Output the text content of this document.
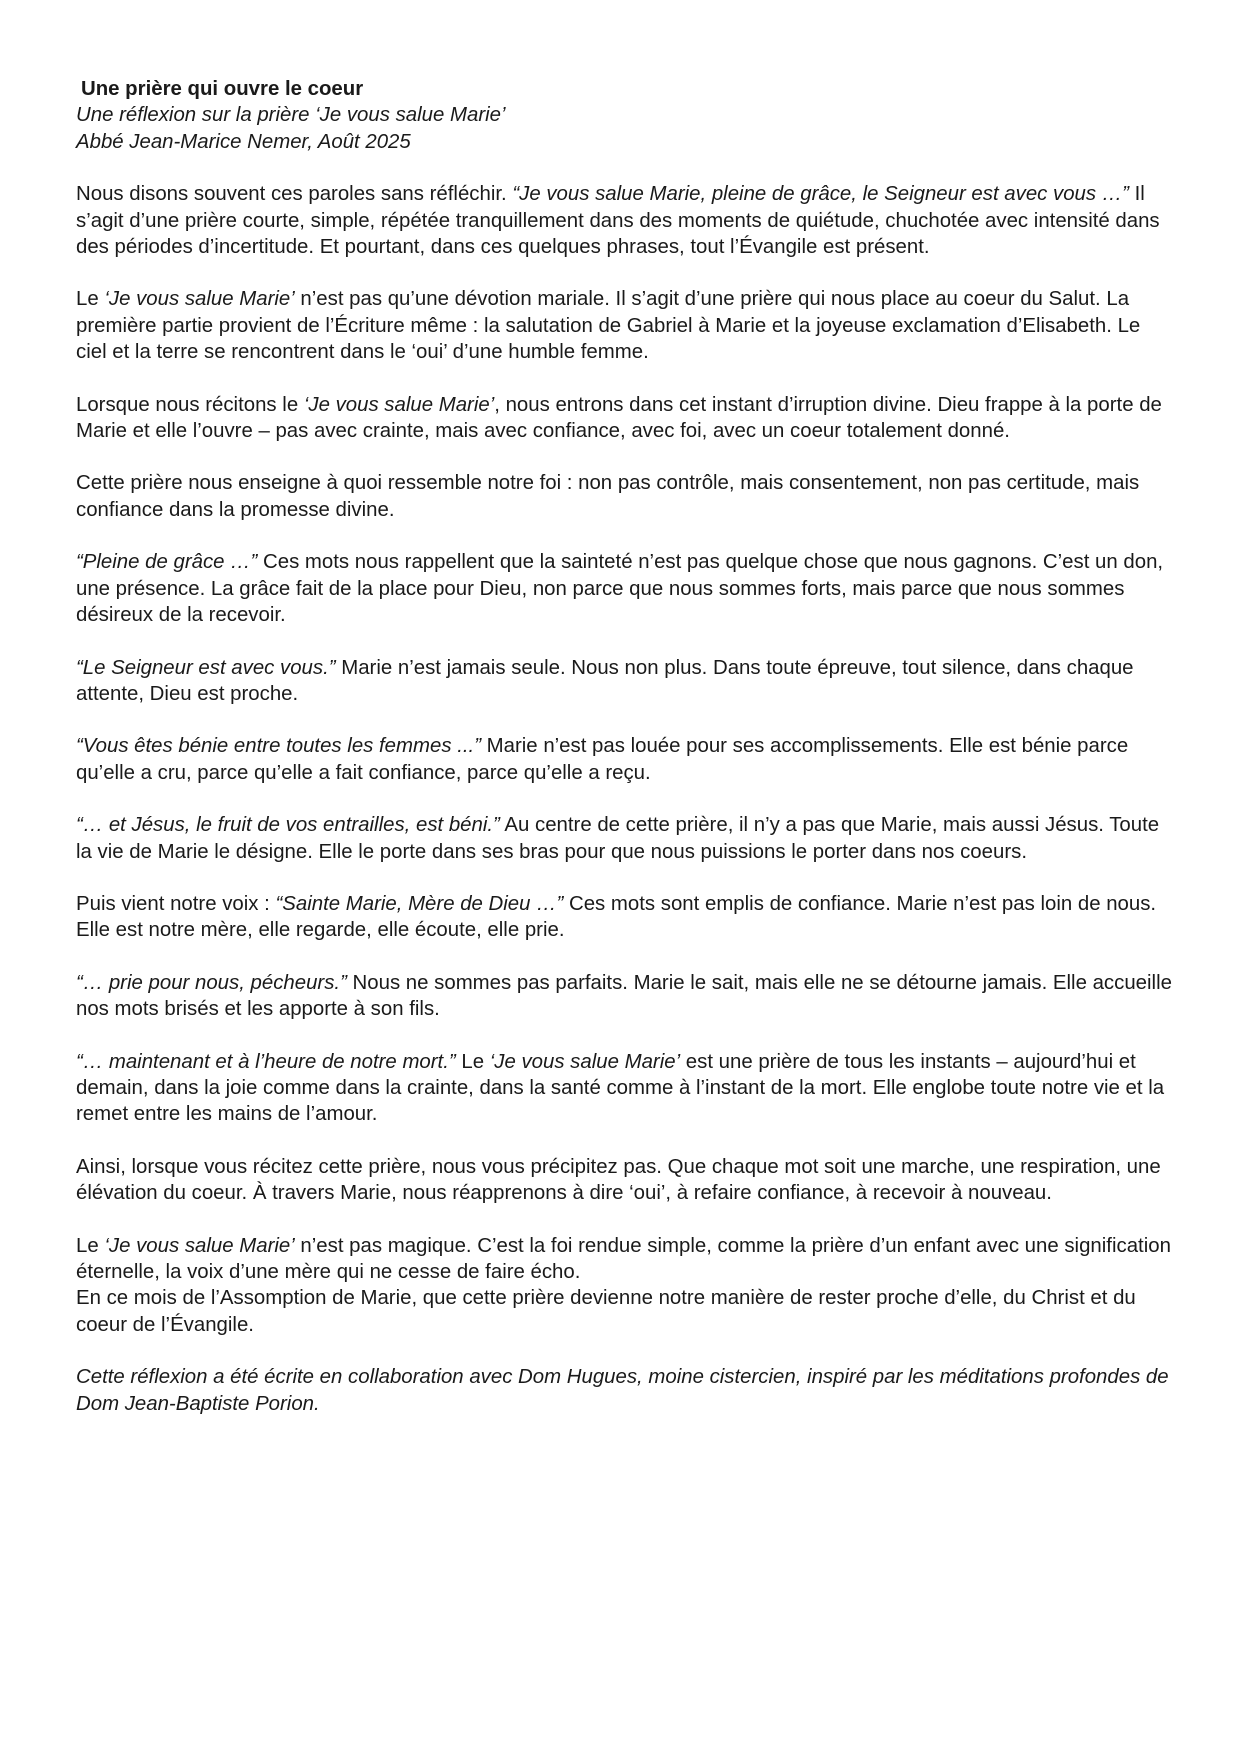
Une prière qui ouvre le coeur

Une réflexion sur la prière ‘Je vous salue Marie’

Abbé Jean-Marice Nemer, Août 2025

Nous disons souvent ces paroles sans réfléchir. “Je vous salue Marie, pleine de grâce, le Seigneur est avec vous …” Il s’agit d’une prière courte, simple, répétée tranquillement dans des moments de quiétude, chuchotée avec intensité dans des périodes d’incertitude. Et pourtant, dans ces quelques phrases, tout l’Évangile est présent.

Le ‘Je vous salue Marie’ n’est pas qu’une dévotion mariale. Il s’agit d’une prière qui nous place au coeur du Salut. La première partie provient de l’Écriture même : la salutation de Gabriel à Marie et la joyeuse exclamation d’Elisabeth. Le ciel et la terre se rencontrent dans le ‘oui’ d’une humble femme.

Lorsque nous récitons le ‘Je vous salue Marie’, nous entrons dans cet instant d’irruption divine. Dieu frappe à la porte de Marie et elle l’ouvre – pas avec crainte, mais avec confiance, avec foi, avec un coeur totalement donné.

Cette prière nous enseigne à quoi ressemble notre foi : non pas contrôle, mais consentement, non pas certitude, mais confiance dans la promesse divine.

“Pleine de grâce …” Ces mots nous rappellent que la sainteté n’est pas quelque chose que nous gagnons. C’est un don, une présence. La grâce fait de la place pour Dieu, non parce que nous sommes forts, mais parce que nous sommes désireux de la recevoir.

“Le Seigneur est avec vous.” Marie n’est jamais seule. Nous non plus. Dans toute épreuve, tout silence, dans chaque attente, Dieu est proche.

“Vous êtes bénie entre toutes les femmes ...” Marie n’est pas louée pour ses accomplissements. Elle est bénie parce qu’elle a cru, parce qu’elle a fait confiance, parce qu’elle a reçu.

“… et Jésus, le fruit de vos entrailles, est béni.” Au centre de cette prière, il n’y a pas que Marie, mais aussi Jésus. Toute la vie de Marie le désigne. Elle le porte dans ses bras pour que nous puissions le porter dans nos coeurs.

Puis vient notre voix : “Sainte Marie, Mère de Dieu …” Ces mots sont emplis de confiance. Marie n’est pas loin de nous. Elle est notre mère, elle regarde, elle écoute, elle prie.

“… prie pour nous, pécheurs.” Nous ne sommes pas parfaits. Marie le sait, mais elle ne se détourne jamais. Elle accueille nos mots brisés et les apporte à son fils.

“… maintenant et à l’heure de notre mort.” Le ‘Je vous salue Marie’ est une prière de tous les instants – aujourd’hui et demain, dans la joie comme dans la crainte, dans la santé comme à l’instant de la mort. Elle englobe toute notre vie et la remet entre les mains de l’amour.

Ainsi, lorsque vous récitez cette prière, nous vous précipitez pas. Que chaque mot soit une marche, une respiration, une élévation du coeur. À travers Marie, nous réapprenons à dire ‘oui’, à refaire confiance, à recevoir à nouveau.

Le ‘Je vous salue Marie’ n’est pas magique. C’est la foi rendue simple, comme la prière d’un enfant avec une signification éternelle, la voix d’une mère qui ne cesse de faire écho.

En ce mois de l’Assomption de Marie, que cette prière devienne notre manière de rester proche d’elle, du Christ et du coeur de l’Évangile.

Cette réflexion a été écrite en collaboration avec Dom Hugues, moine cistercien, inspiré par les méditations profondes de Dom Jean-Baptiste Porion.
